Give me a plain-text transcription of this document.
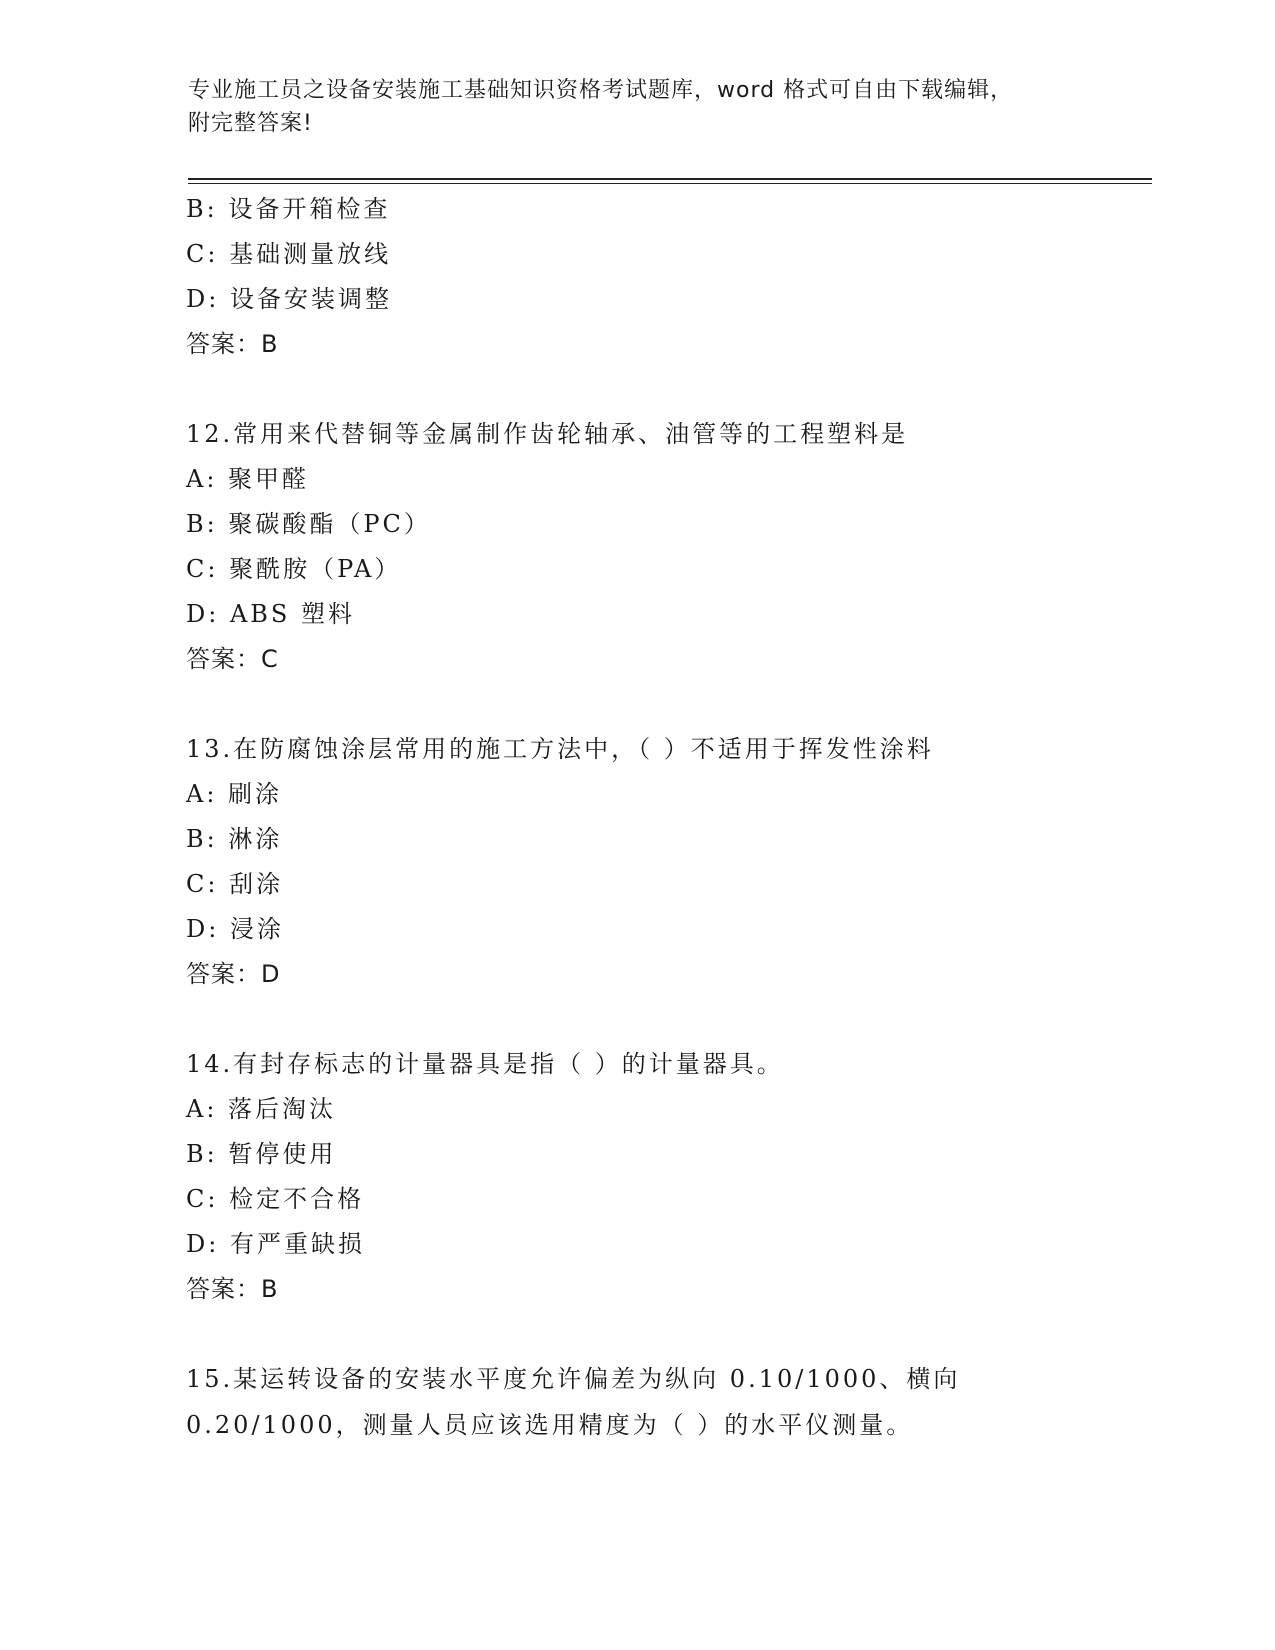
专业施工员之设备安装施工基础知识资格考试题库，word 格式可自由下载编辑，
附完整答案!
B: 设备开箱检查
C: 基础测量放线
D: 设备安装调整
答案：B
12.常用来代替铜等金属制作齿轮轴承、油管等的工程塑料是
A: 聚甲醛
B: 聚碳酸酯（PC）
C: 聚酰胺（PA）
D: ABS 塑料
答案：C
13.在防腐蚀涂层常用的施工方法中，（ ）不适用于挥发性涂料
A: 刷涂
B: 淋涂
C: 刮涂
D: 浸涂
答案：D
14.有封存标志的计量器具是指（ ）的计量器具。
A: 落后淘汰
B: 暂停使用
C: 检定不合格
D: 有严重缺损
答案：B
15.某运转设备的安装水平度允许偏差为纵向 0.10/1000、横向
0.20/1000，测量人员应该选用精度为（ ）的水平仪测量。
